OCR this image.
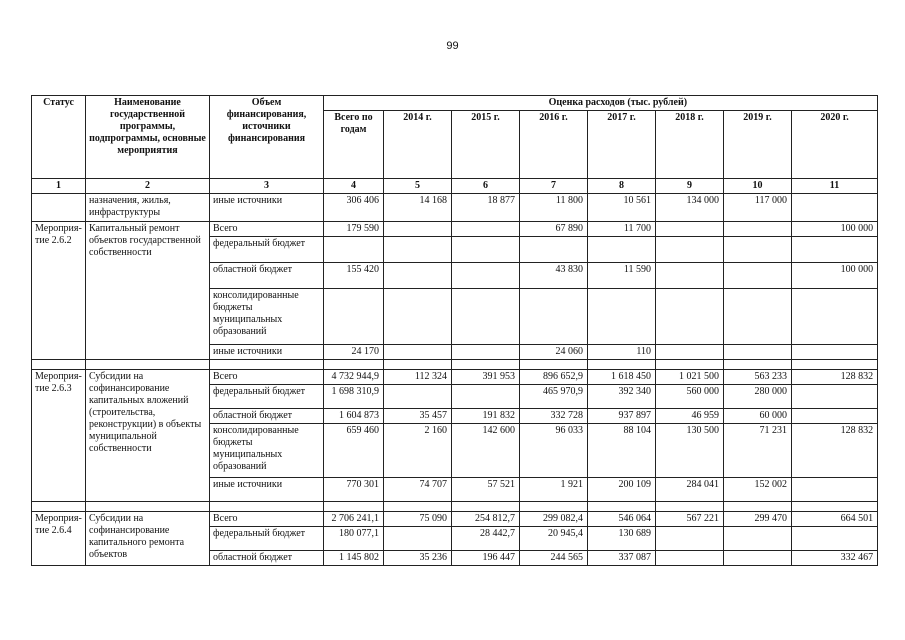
99
Статус	Наименование государственной программы, подпрограммы, основные мероприятия	Объем финансирования, источники финансирования	Оценка расходов (тыс. рублей)							
			Всего по годам	2014 г.	2015 г.	2016 г.	2017 г.	2018 г.	2019 г.	2020 г.
1	2	3	4	5	6	7	8	9	10	11
	назначения, жилья, инфраструктуры	иные источники	306 406	14 168	18 877	11 800	10 561	134 000	117 000	
Мероприя-тие 2.6.2	Капитальный ремонт объектов государственной собственности	Всего	179 590			67 890	11 700			100 000
		федеральный бюджет								
		областной бюджет	155 420			43 830	11 590			100 000
		консолидированные бюджеты муниципальных образований								
		иные источники	24 170			24 060	110			

Мероприя-тие 2.6.3	Субсидии на софинансирование капитальных вложений (строительства, реконструкции) в объекты муниципальной собственности	Всего	4 732 944,9	112 324	391 953	896 652,9	1 618 450	1 021 500	563 233	128 832
		федеральный бюджет	1 698 310,9			465 970,9	392 340	560 000	280 000	
		областной бюджет	1 604 873	35 457	191 832	332 728	937 897	46 959	60 000	
		консолидированные бюджеты муниципальных образований	659 460	2 160	142 600	96 033	88 104	130 500	71 231	128 832
		иные источники	770 301	74 707	57 521	1 921	200 109	284 041	152 002	

Мероприя-тие 2.6.4	Субсидии на софинансирование капитального ремонта объектов	Всего	2 706 241,1	75 090	254 812,7	299 082,4	546 064	567 221	299 470	664 501
		федеральный бюджет	180 077,1		28 442,7	20 945,4	130 689			
		областной бюджет	1 145 802	35 236	196 447	244 565	337 087			332 467
